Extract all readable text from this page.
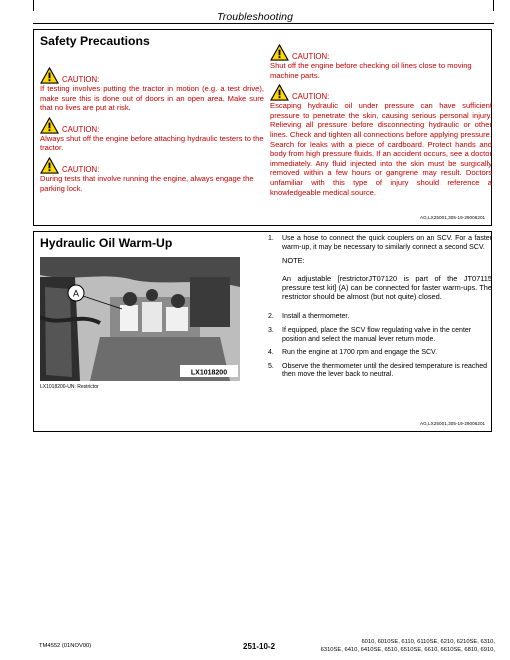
Troubleshooting
Safety Precautions
CAUTION:

If testing involves putting the tractor in motion (e.g. a test drive), make sure this is done out of doors in an open area. Make sure that no lives are put at risk.

CAUTION:

Always shut off the engine before attaching hydraulic testers to the tractor.

CAUTION:

During tests that involve running the engine, always engage the parking lock.

CAUTION:

Shut off the engine before checking oil lines close to moving machine parts.

CAUTION:

Escaping hydraulic oil under pressure can have sufficient pressure to penetrate the skin, causing serious personal injury. Relieving all pressure before disconnecting hydraulic or other lines. Check and tighten all connections before applying pressure. Search for leaks with a piece of cardboard. Protect hands and body from high pressure fluids. If an accident occurs, see a doctor immediately. Any fluid injected into the skin must be surgically removed within a few hours or gangrene may result. Doctors unfamiliar with this type of injury should reference a knowledgeable medical source.

AG,LX25001,305-19-29006201
Hydraulic Oil Warm-Up
A
LX1018200
LX1018200-UN: Restrictor
1.	Use a hose to connect the quick couplers on an SCV. For a faster warm-up, it may be necessary to similarly connect a second SCV.
NOTE:
An adjustable [restrictorJT07120 is part of the JT07115 pressure test kit] (A) can be connected for faster warm-ups. The restrictor should be almost (but not quite) closed.
2.	Install a thermometer.
3.	If equipped, place the SCV flow regulating valve in the center position and select the manual lever return mode.
4.	Run the engine at 1700 rpm and engage the SCV.
5.	Observe the thermometer until the desired temperature is reached then move the lever back to neutral.
AG,LX25001,305-19-29006201
TM4552 (01NOV00)	251-10-2	6010, 6010SE, 6110, 6110SE, 6210, 6210SE, 6310,
6310SE, 6410, 6410SE, 6510, 6510SE, 6610, 6610SE, 6810, 6910,
